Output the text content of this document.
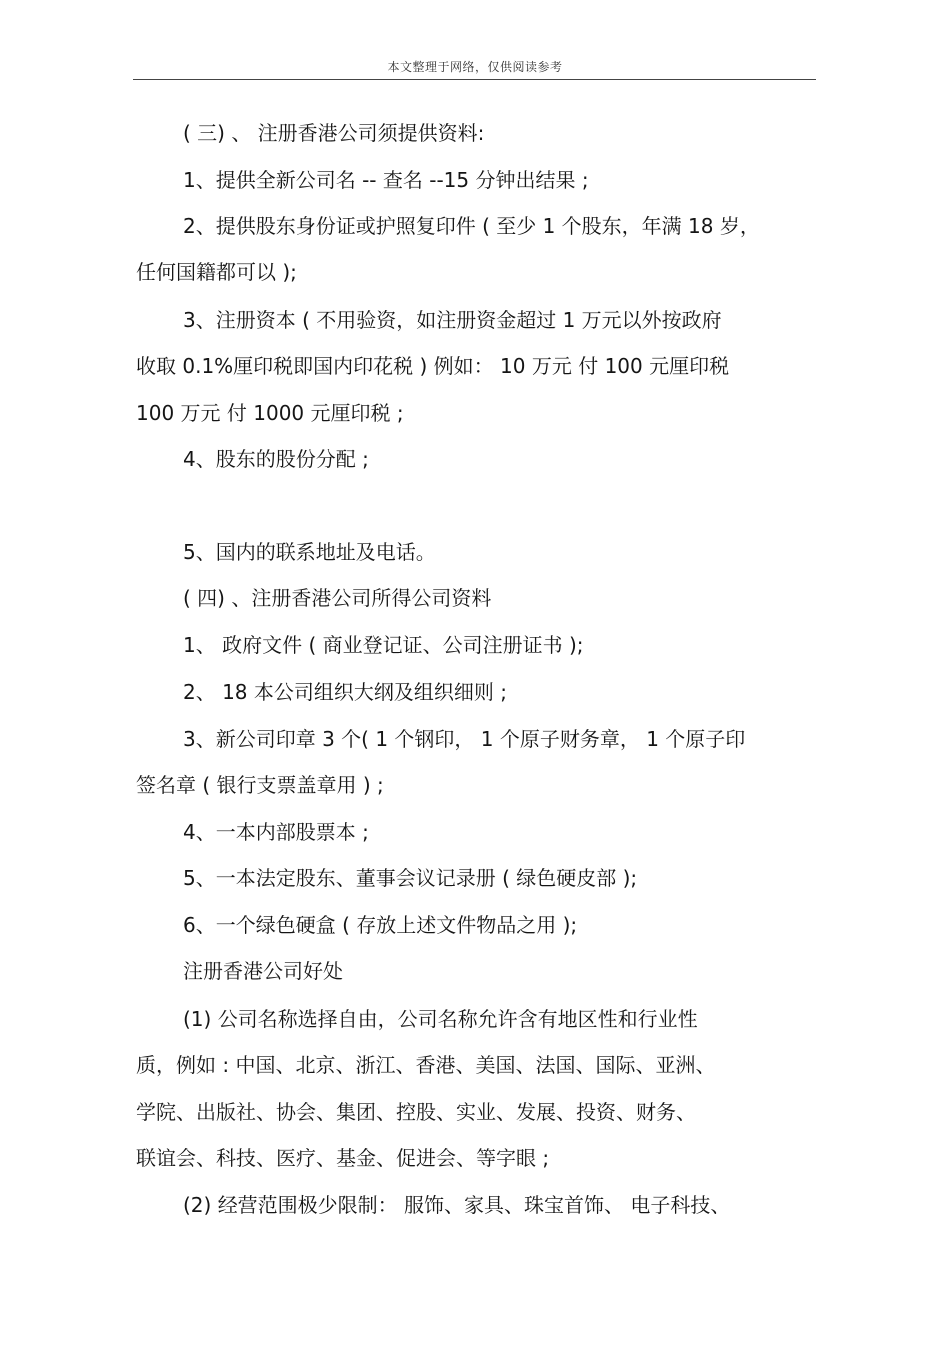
本文整理于网络，仅供阅读参考
( 三) 、 注册香港公司须提供资料:
1、提供全新公司名 -- 查名 --15 分钟出结果 ;
2、提供股东身份证或护照复印件 ( 至少 1 个股东，年满 18 岁，
任何国籍都可以 );
3、注册资本 ( 不用验资，如注册资金超过 1 万元以外按政府
收取 0.1%厘印税即国内印花税 ) 例如： 10 万元 付 100 元厘印税
100 万元 付 1000 元厘印税 ;
4、股东的股份分配 ;
5、国内的联系地址及电话。
( 四) 、注册香港公司所得公司资料
1、 政府文件 ( 商业登记证、公司注册证书 );
2、 18 本公司组织大纲及组织细则 ;
3、新公司印章 3 个( 1 个钢印， 1 个原子财务章， 1 个原子印
签名章 ( 银行支票盖章用 ) ;
4、一本内部股票本 ;
5、一本法定股东、董事会议记录册 ( 绿色硬皮部 );
6、一个绿色硬盒 ( 存放上述文件物品之用 );
注册香港公司好处
(1) 公司名称选择自由，公司名称允许含有地区性和行业性
质，例如 : 中国、北京、浙江、香港、美国、法国、国际、亚洲、
学院、出版社、协会、集团、控股、实业、发展、投资、财务、
联谊会、科技、医疗、基金、促进会、等字眼 ;
(2) 经营范围极少限制： 服饰、家具、珠宝首饰、 电子科技、
